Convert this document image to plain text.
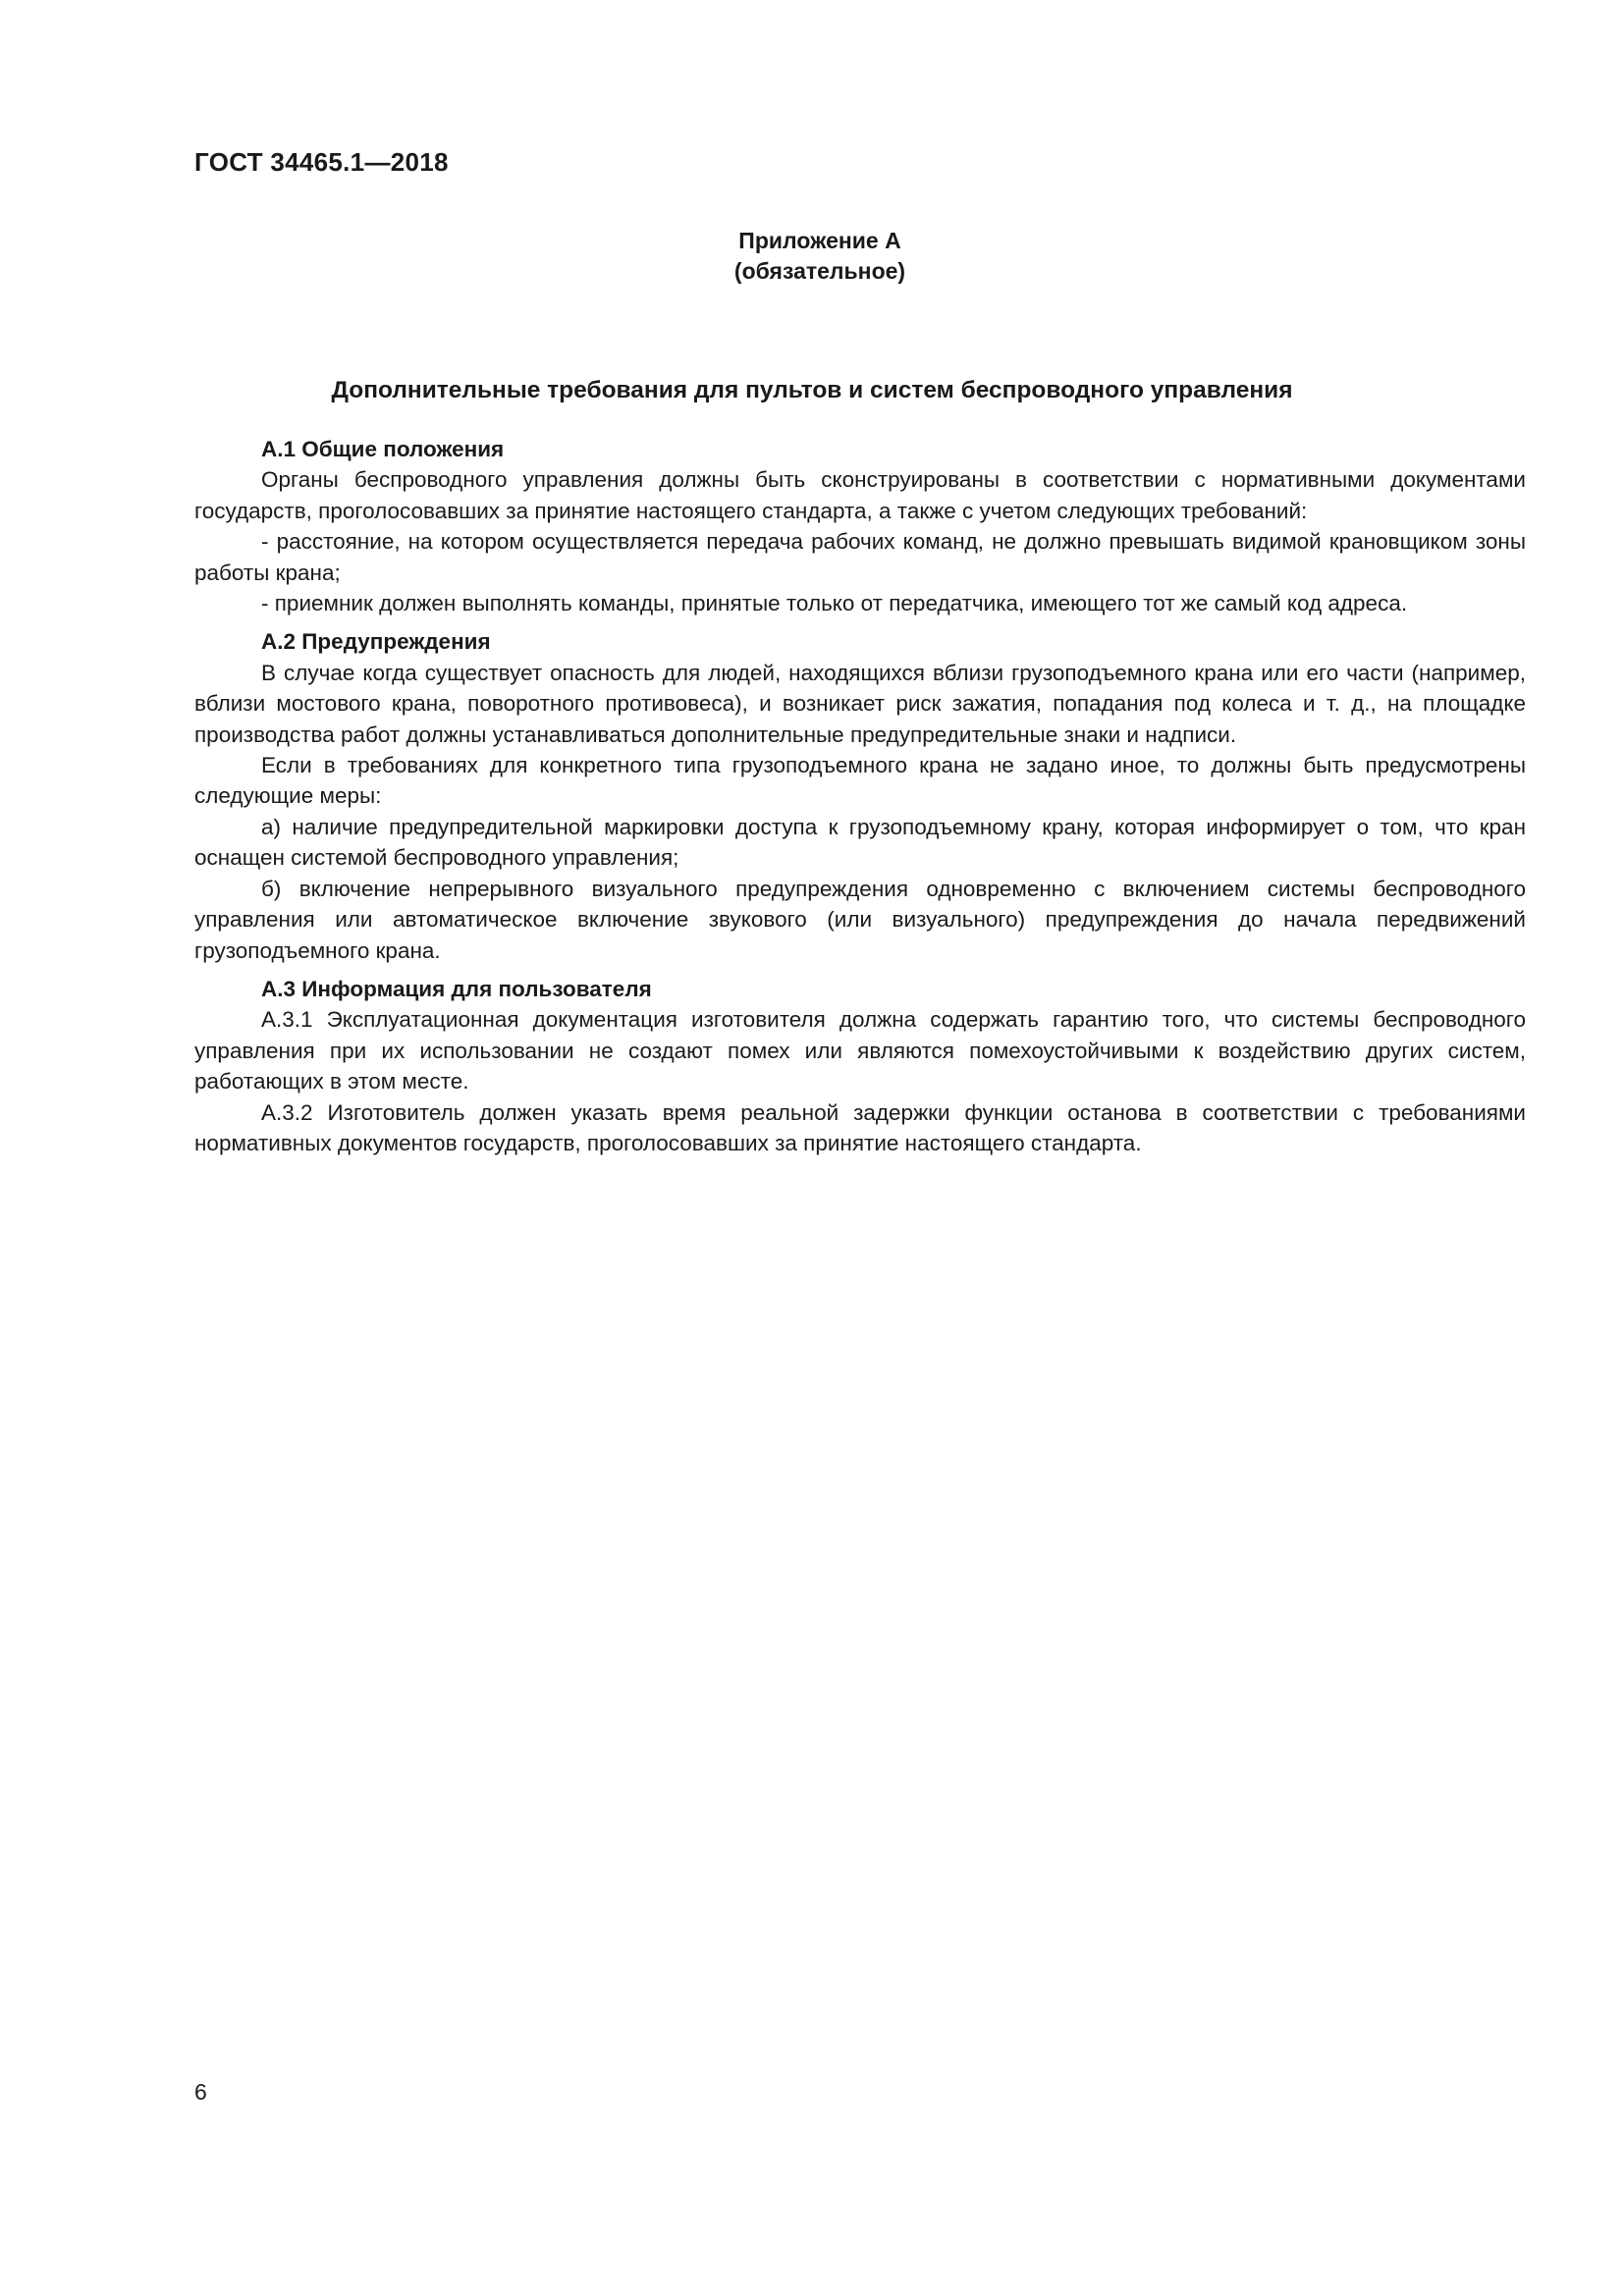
ГОСТ 34465.1—2018
Приложение А
(обязательное)
Дополнительные требования для пультов и систем беспроводного управления
А.1 Общие положения

Органы беспроводного управления должны быть сконструированы в соответствии с нормативными документами государств, проголосовавших за принятие настоящего стандарта, а также с учетом следующих требований:

- расстояние, на котором осуществляется передача рабочих команд, не должно превышать видимой крановщиком зоны работы крана;

- приемник должен выполнять команды, принятые только от передатчика, имеющего тот же самый код адреса.

А.2 Предупреждения

В случае когда существует опасность для людей, находящихся вблизи грузоподъемного крана или его части (например, вблизи мостового крана, поворотного противовеса), и возникает риск зажатия, попадания под колеса и т. д., на площадке производства работ должны устанавливаться дополнительные предупредительные знаки и надписи.

Если в требованиях для конкретного типа грузоподъемного крана не задано иное, то должны быть предусмотрены следующие меры:

а) наличие предупредительной маркировки доступа к грузоподъемному крану, которая информирует о том, что кран оснащен системой беспроводного управления;

б) включение непрерывного визуального предупреждения одновременно с включением системы беспроводного управления или автоматическое включение звукового (или визуального) предупреждения до начала передвижений грузоподъемного крана.

А.3 Информация для пользователя

А.3.1 Эксплуатационная документация изготовителя должна содержать гарантию того, что системы беспроводного управления при их использовании не создают помех или являются помехоустойчивыми к воздействию других систем, работающих в этом месте.

А.3.2 Изготовитель должен указать время реальной задержки функции останова в соответствии с требованиями нормативных документов государств, проголосовавших за принятие настоящего стандарта.

6
